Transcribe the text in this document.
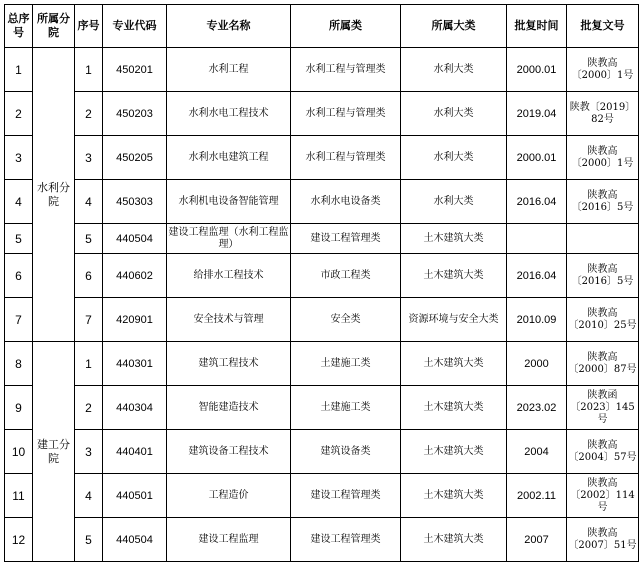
总序号	所属分院	序号	专业代码	专业名称	所属类	所属大类	批复时间	批复文号
1	水利分院	1	450201	水利工程	水利工程与管理类	水利大类	2000.01	陕教高〔2000〕1号
2		2	450203	水利水电工程技术	水利工程与管理类	水利大类	2019.04	陕教〔2019〕82号
3		3	450205	水利水电建筑工程	水利工程与管理类	水利大类	2000.01	陕教高〔2000〕1号
4		4	450303	水利机电设备智能管理	水利水电设备类	水利大类	2016.04	陕教高〔2016〕5号
5		5	440504	建设工程监理（水利工程监理）	建设工程管理类	土木建筑大类		
6		6	440602	给排水工程技术	市政工程类	土木建筑大类	2016.04	陕教高〔2016〕5号
7		7	420901	安全技术与管理	安全类	资源环境与安全大类	2010.09	陕教高〔2010〕25号
8	建工分院	1	440301	建筑工程技术	土建施工类	土木建筑大类	2000	陕教高〔2000〕87号
9		2	440304	智能建造技术	土建施工类	土木建筑大类	2023.02	陕教函〔2023〕145号
10		3	440401	建筑设备工程技术	建筑设备类	土木建筑大类	2004	陕教高〔2004〕57号
11		4	440501	工程造价	建设工程管理类	土木建筑大类	2002.11	陕教高〔2002〕114号
12		5	440504	建设工程监理	建设工程管理类	土木建筑大类	2007	陕教高〔2007〕51号
